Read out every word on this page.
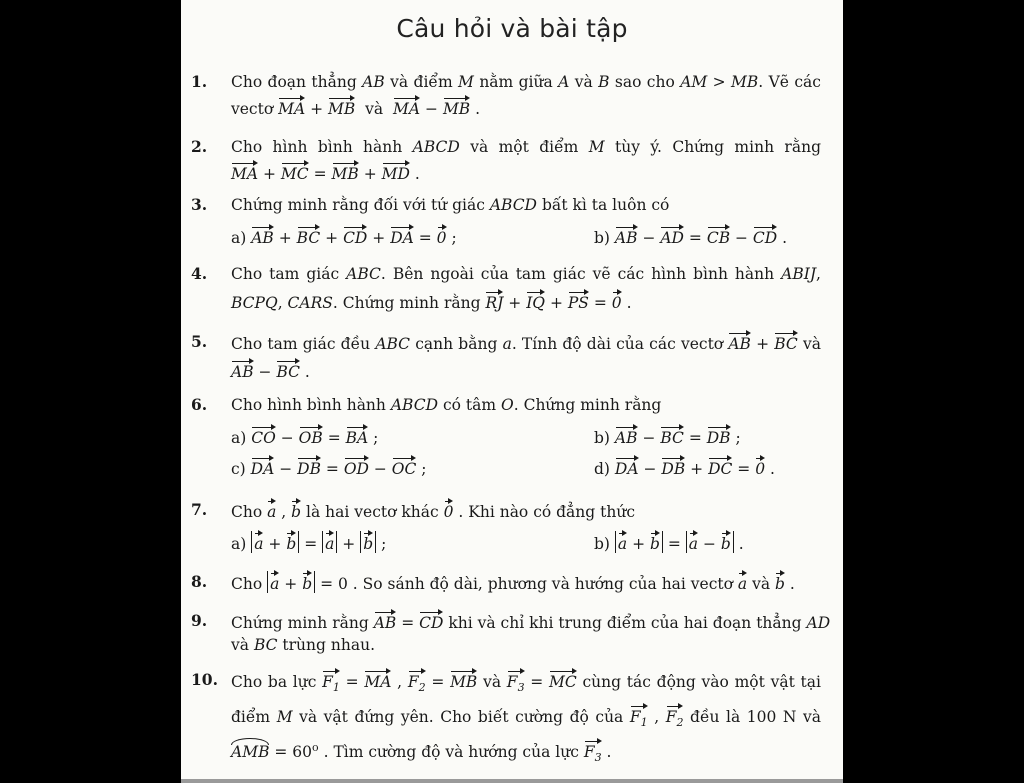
Câu hỏi và bài tập
1. Cho đoạn thẳng AB và điểm M nằm giữa A và B sao cho AM > MB. Vẽ các
vectơ MA + MB và MA − MB .
2. Cho hình bình hành ABCD và một điểm M tùy ý. Chứng minh rằng
MA + MC = MB + MD .
3. Chứng minh rằng đối với tứ giác ABCD bất kì ta luôn có
a) AB + BC + CD + DA = 0 ;	b) AB − AD = CB − CD .
4. Cho tam giác ABC. Bên ngoài của tam giác vẽ các hình bình hành ABIJ,
BCPQ, CARS. Chứng minh rằng RJ + IQ + PS = 0 .
5. Cho tam giác đều ABC cạnh bằng a. Tính độ dài của các vectơ AB + BC và
AB − BC .
6. Cho hình bình hành ABCD có tâm O. Chứng minh rằng
a) CO − OB = BA ;	b) AB − BC = DB ;
c) DA − DB = OD − OC ;	d) DA − DB + DC = 0 .
7. Cho a , b là hai vectơ khác 0 . Khi nào có đẳng thức
a) a + b = a + b ;	b) a + b = a − b .
8. Cho a + b = 0 . So sánh độ dài, phương và hướng của hai vectơ a và b .
9. Chứng minh rằng AB = CD khi và chỉ khi trung điểm của hai đoạn thẳng AD
và BC trùng nhau.
10. Cho ba lực $F_1$ = MA , $F_2$ = MB và $F_3$ = MC cùng tác động vào một vật tại
điểm M và vật đứng yên. Cho biết cường độ của $F_1$ , $F_2$ đều là 100 N và
AMB = $60^o$ . Tìm cường độ và hướng của lực $F_3$ .
